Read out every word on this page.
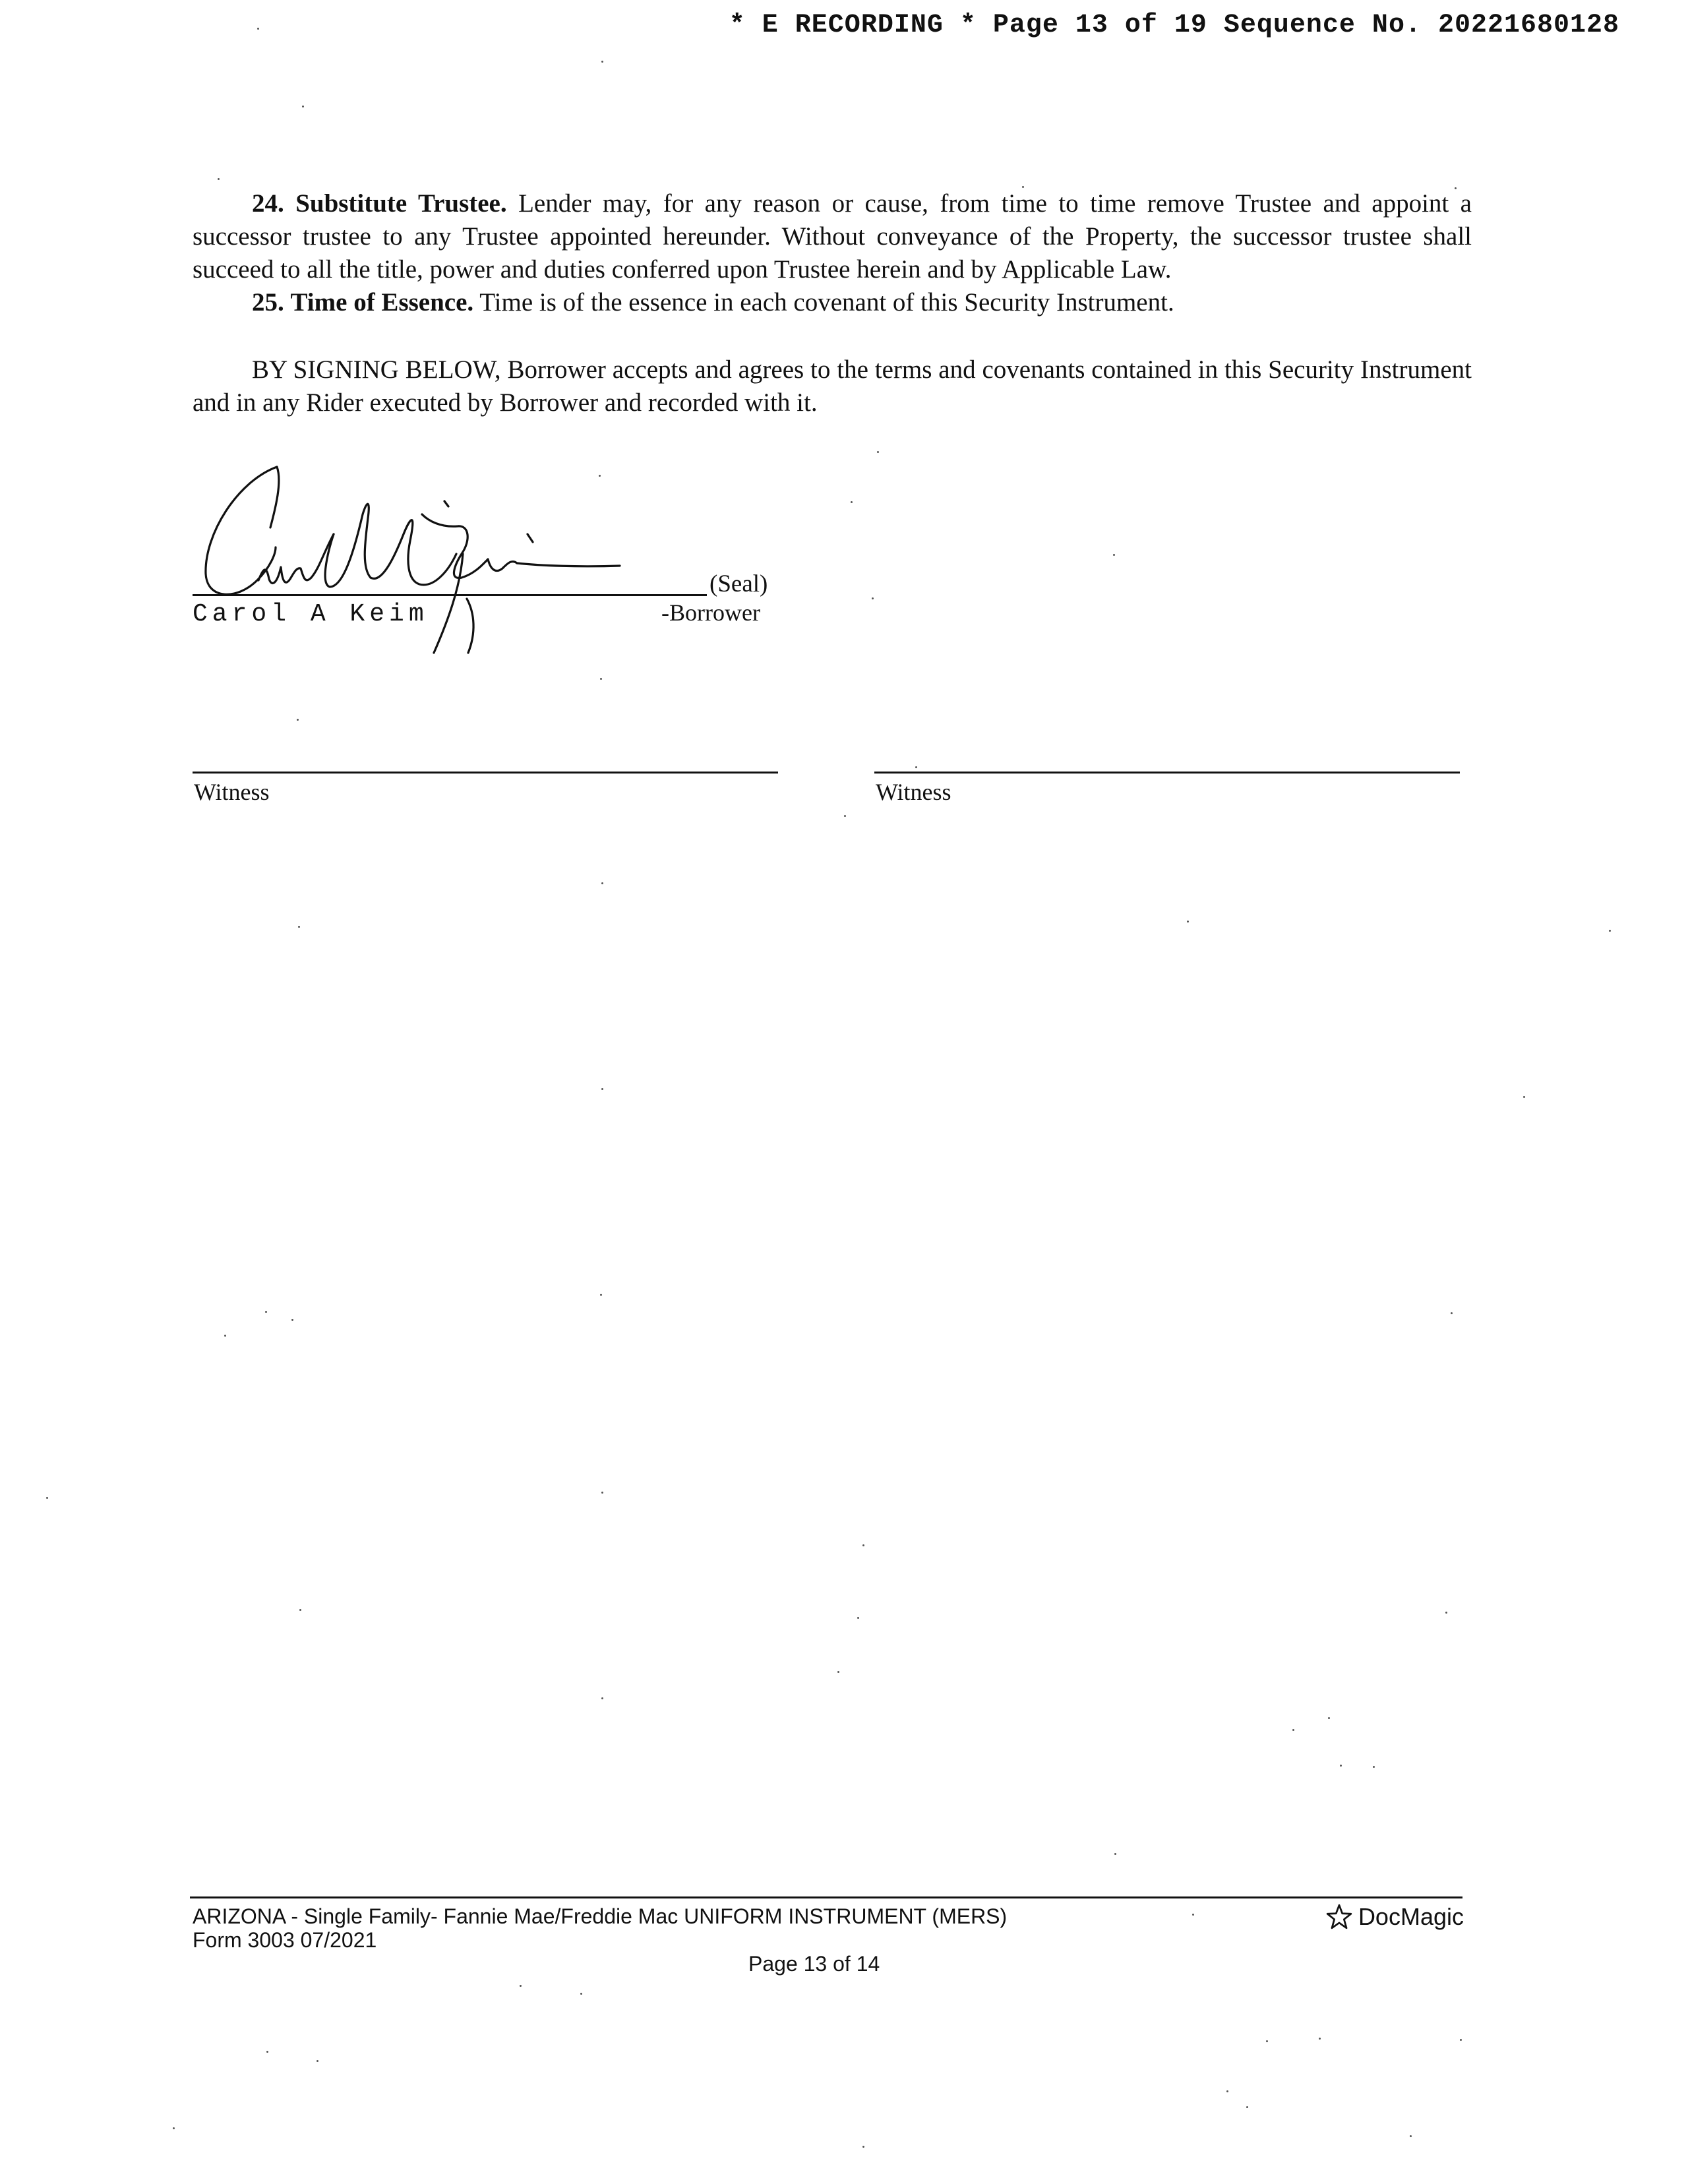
* E RECORDING * Page 13 of 19 Sequence No. 20221680128

24. Substitute Trustee. Lender may, for any reason or cause, from time to time remove Trustee and appoint a successor trustee to any Trustee appointed hereunder. Without conveyance of the Property, the successor trustee shall succeed to all the title, power and duties conferred upon Trustee herein and by Applicable Law.

25. Time of Essence. Time is of the essence in each covenant of this Security Instrument.

BY SIGNING BELOW, Borrower accepts and agrees to the terms and covenants contained in this Security Instrument and in any Rider executed by Borrower and recorded with it.

(Seal)
Carol A Keim	-Borrower
Witness	Witness
ARIZONA - Single Family- Fannie Mae/Freddie Mac UNIFORM INSTRUMENT (MERS)
Form 3003 07/2021
Page 13 of 14
DocMagic
